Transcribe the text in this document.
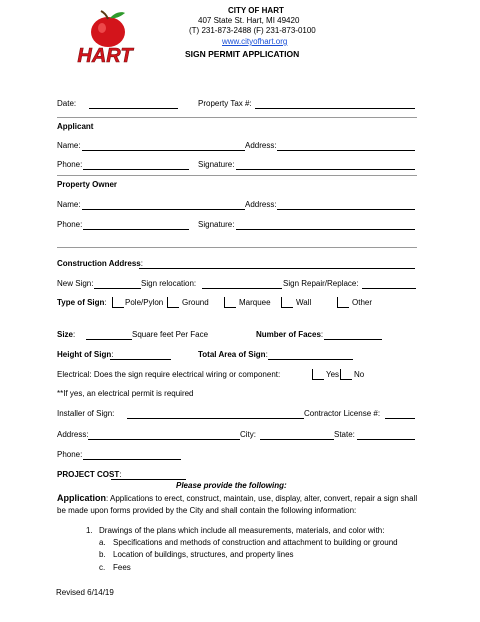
HART
CITY OF HART
407 State St. Hart, MI 49420
(T) 231-873-2488 (F) 231-873-0100
www.cityofhart.org
SIGN PERMIT APPLICATION
Date:	Property Tax #:
Applicant
Name:	Address:
Phone:	Signature:
Property Owner
Name:	Address:
Phone:	Signature:
Construction Address:
New Sign:	Sign relocation:	Sign Repair/Replace:
Type of Sign: Pole/Pylon Ground	Marquee	Wall	Other
Size:	Square feet Per Face	Number of Faces:
Height of Sign:	Total Area of Sign:
Electrical: Does the sign require electrical wiring or component:	Yes No
**If yes, an electrical permit is required
Installer of Sign:	Contractor License #:
Address:	City:	State:
Phone:
PROJECT COST:
Please provide the following:
Application: Applications to erect, construct, maintain, use, display, alter, convert, repair a sign shall
be made upon forms provided by the City and shall contain the following information:
1. Drawings of the plans which include all measurements, materials, and color with:
a. Specifications and methods of construction and attachment to building or ground
b. Location of buildings, structures, and property lines
c. Fees
Revised 6/14/19
